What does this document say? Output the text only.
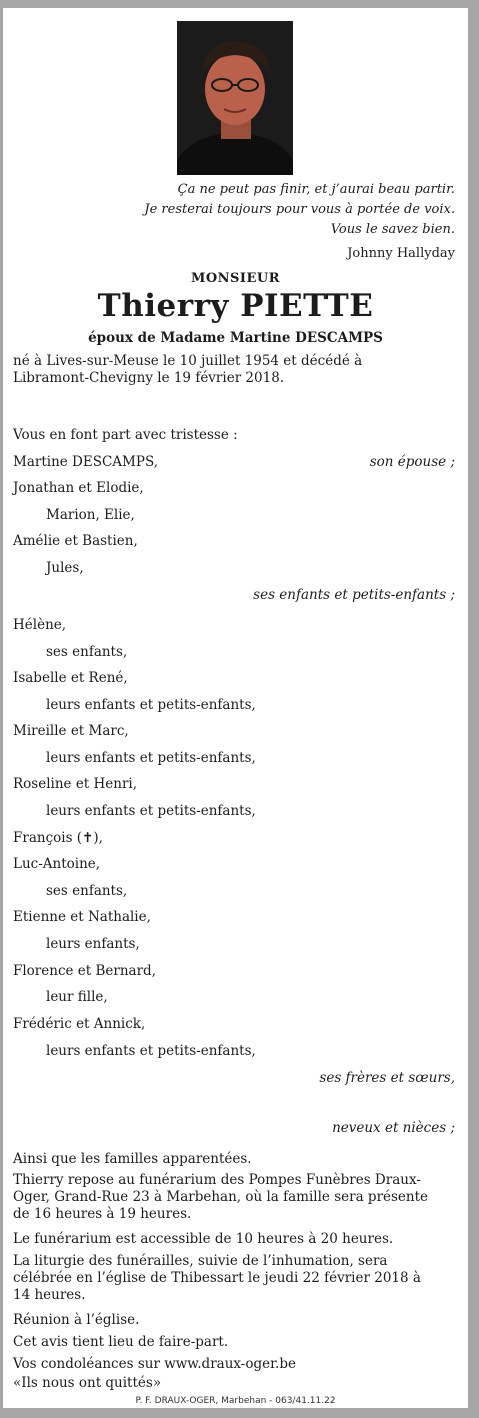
Ça ne peut pas finir, et j’aurai beau partir.
Je resterai toujours pour vous à portée de voix.
Vous le savez bien.
Johnny Hallyday
MONSIEUR
Thierry PIETTE
époux de Madame Martine DESCAMPS
né à Lives-sur-Meuse le 10 juillet 1954 et décédé à
Libramont-Chevigny le 19 février 2018.
Vous en font part avec tristesse :
Martine DESCAMPS,	son épouse ;
Jonathan et Elodie,
Marion, Elie,
Amélie et Bastien,
Jules,
ses enfants et petits-enfants ;
Hélène,
ses enfants,
Isabelle et René,
leurs enfants et petits-enfants,
Mireille et Marc,
leurs enfants et petits-enfants,
Roseline et Henri,
leurs enfants et petits-enfants,
François (✝),
Luc-Antoine,
ses enfants,
Etienne et Nathalie,
leurs enfants,
Florence et Bernard,
leur fille,
Frédéric et Annick,
leurs enfants et petits-enfants,
ses frères et sœurs,
neveux et nièces ;
Ainsi que les familles apparentées.
Thierry repose au funérarium des Pompes Funèbres Draux-
Oger, Grand-Rue 23 à Marbehan, où la famille sera présente
de 16 heures à 19 heures.
Le funérarium est accessible de 10 heures à 20 heures.
La liturgie des funérailles, suivie de l’inhumation, sera
célébrée en l’église de Thibessart le jeudi 22 février 2018 à
14 heures.
Réunion à l’église.
Cet avis tient lieu de faire-part.
Vos condoléances sur www.draux-oger.be
«Ils nous ont quittés»
P. F. DRAUX-OGER, Marbehan - 063/41.11.22
